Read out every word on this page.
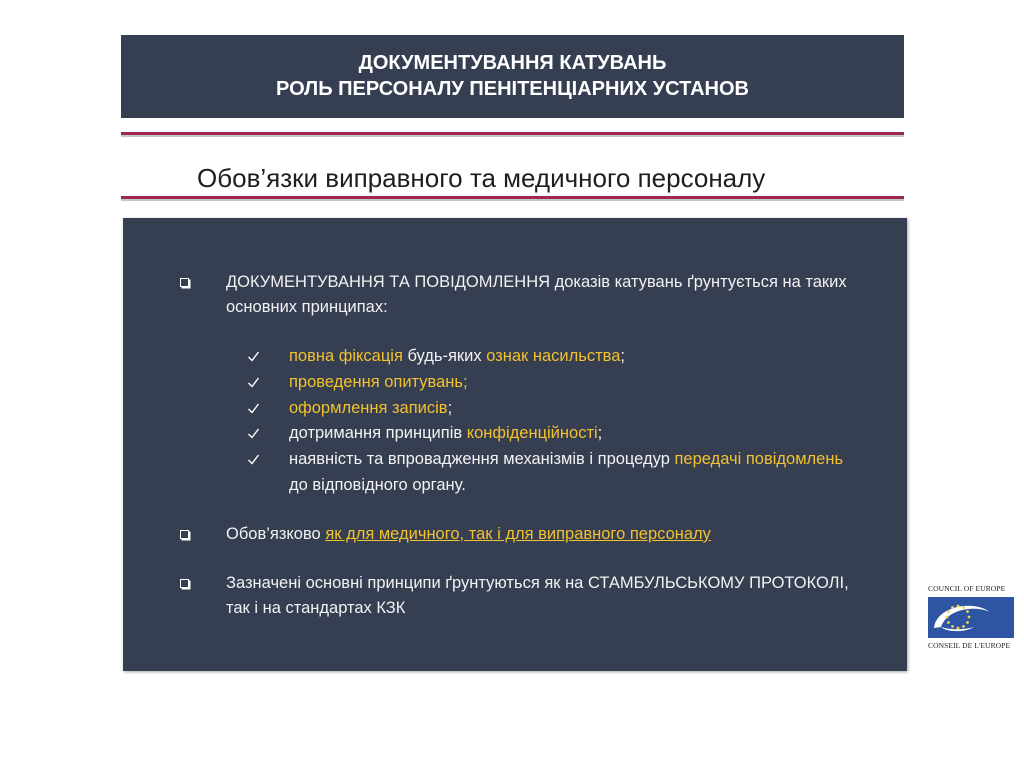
ДОКУМЕНТУВАННЯ КАТУВАНЬ
РОЛЬ ПЕРСОНАЛУ ПЕНІТЕНЦІАРНИХ УСТАНОВ
Обов’язки виправного та медичного персоналу
ДОКУМЕНТУВАННЯ ТА ПОВІДОМЛЕННЯ доказів катувань ґрунтується на таких
основних принципах:
повна фіксація будь-яких ознак насильства;
проведення опитувань;
оформлення записів;
дотримання принципів конфіденційності;
наявність та впровадження механізмів і процедур передачі повідомлень
до відповідного органу.
Обов’язково як для медичного, так і для виправного персоналу
Зазначені основні принципи ґрунтуються як на СТАМБУЛЬСЬКОМУ ПРОТОКОЛІ,
так і на стандартах КЗК
COUNCIL OF EUROPE
CONSEIL DE L'EUROPE
